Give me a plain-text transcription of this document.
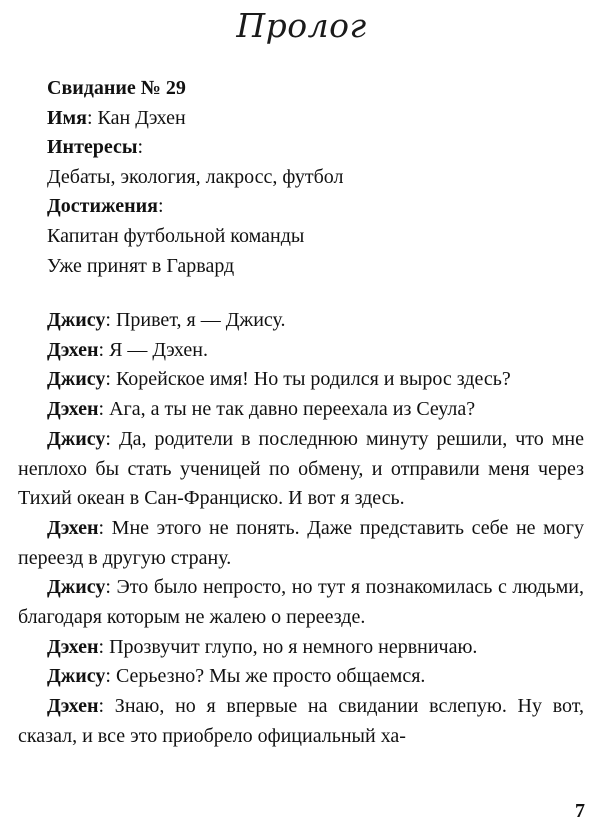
Пролог
Свидание № 29
Имя: Кан Дэхен
Интересы:
Дебаты, экология, лакросс, футбол
Достижения:
Капитан футбольной команды
Уже принят в Гарвард

Джису: Привет, я — Джису.

Дэхен: Я — Дэхен.

Джису: Корейское имя! Но ты родился и вырос здесь?

Дэхен: Ага, а ты не так давно переехала из Сеула?

Джису: Да, родители в последнюю минуту решили, что мне неплохо бы стать ученицей по обмену, и отправили меня через Тихий океан в Сан-Франциско. И вот я здесь.

Дэхен: Мне этого не понять. Даже представить себе не могу переезд в другую страну.

Джису: Это было непросто, но тут я познакомилась с людьми, благодаря которым не жалею о переезде.

Дэхен: Прозвучит глупо, но я немного нервничаю.

Джису: Серьезно? Мы же просто общаемся.

Дэхен: Знаю, но я впервые на свидании вслепую. Ну вот, сказал, и все это приобрело официальный ха-

7
